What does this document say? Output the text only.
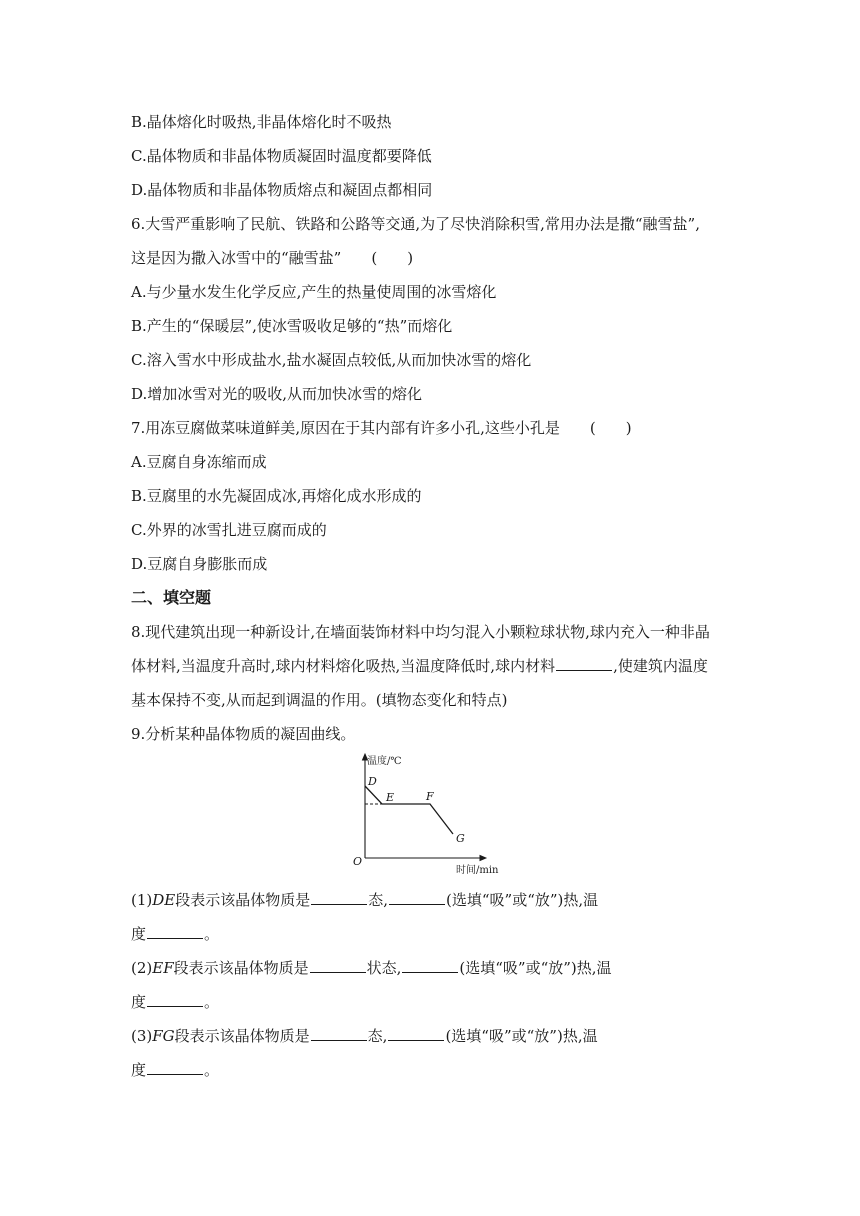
B.晶体熔化时吸热,非晶体熔化时不吸热
C.晶体物质和非晶体物质凝固时温度都要降低
D.晶体物质和非晶体物质熔点和凝固点都相同
6.大雪严重影响了民航、铁路和公路等交通,为了尽快消除积雪,常用办法是撒“融雪盐”,
这是因为撒入冰雪中的“融雪盐”　　(　　)
A.与少量水发生化学反应,产生的热量使周围的冰雪熔化
B.产生的“保暖层”,使冰雪吸收足够的“热”而熔化
C.溶入雪水中形成盐水,盐水凝固点较低,从而加快冰雪的熔化
D.增加冰雪对光的吸收,从而加快冰雪的熔化
7.用冻豆腐做菜味道鲜美,原因在于其内部有许多小孔,这些小孔是　　(　　)
A.豆腐自身冻缩而成
B.豆腐里的水先凝固成冰,再熔化成水形成的
C.外界的冰雪扎进豆腐而成的
D.豆腐自身膨胀而成
二、填空题
8.现代建筑出现一种新设计,在墙面装饰材料中均匀混入小颗粒球状物,球内充入一种非晶
体材料,当温度升高时,球内材料熔化吸热,当温度降低时,球内材料	,使建筑内温度
基本保持不变,从而起到调温的作用。(填物态变化和特点)
9.分析某种晶体物质的凝固曲线。
温度/℃
时间/min
O
D
E	F
G
(1)DE段表示该晶体物质是	态,	(选填“吸”或“放”)热,温
度	。
(2)EF段表示该晶体物质是	状态,	(选填“吸”或“放”)热,温
度	。
(3)FG段表示该晶体物质是	态,	(选填“吸”或“放”)热,温
度	。
